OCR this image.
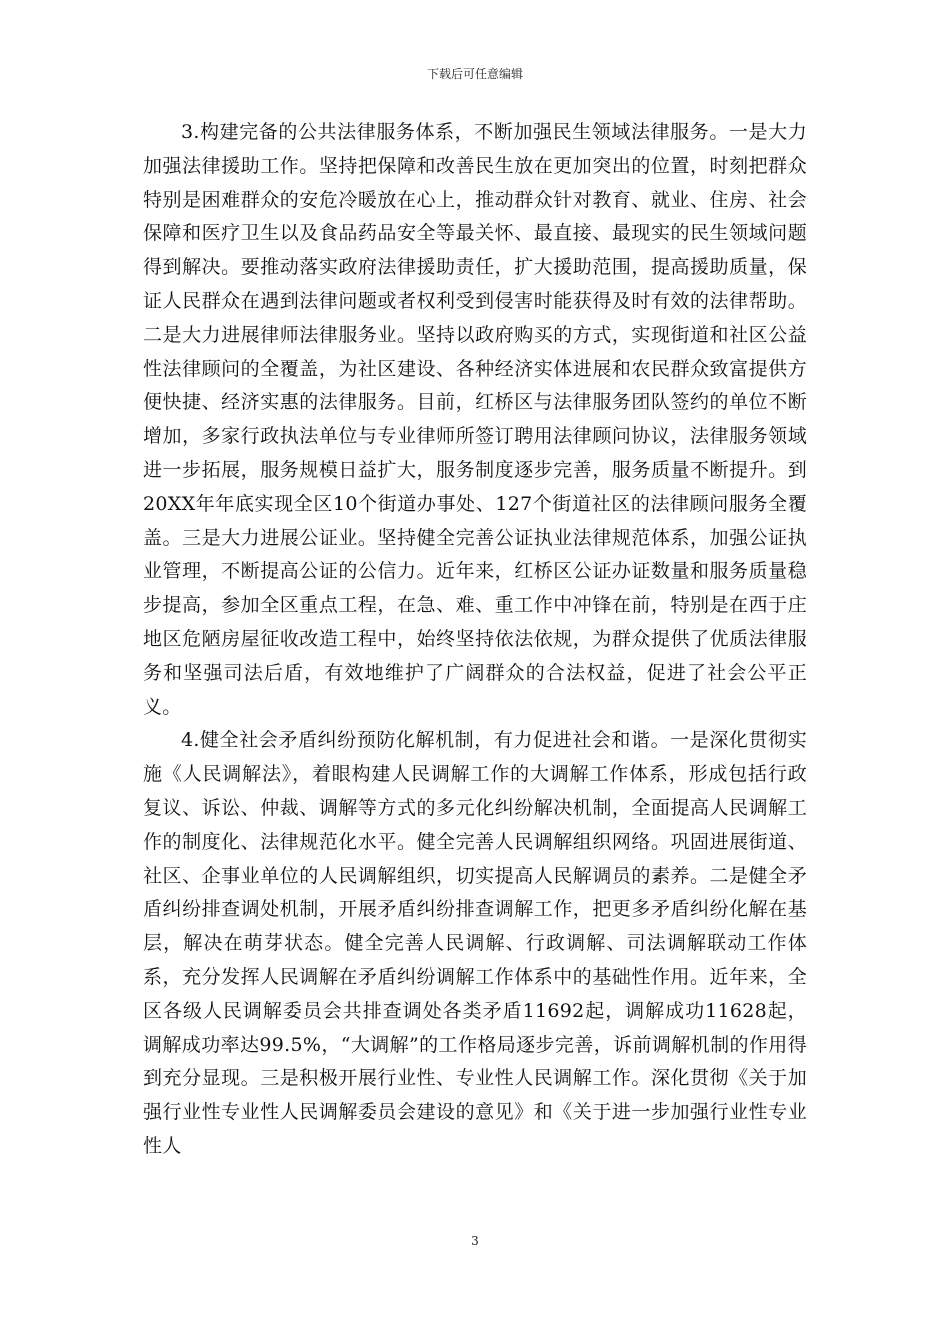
下载后可任意编辑

3.构建完备的公共法律服务体系，不断加强民生领域法律服务。一是大力加强法律援助工作。坚持把保障和改善民生放在更加突出的位置，时刻把群众特别是困难群众的安危冷暖放在心上，推动群众针对教育、就业、住房、社会保障和医疗卫生以及食品药品安全等最关怀、最直接、最现实的民生领域问题得到解决。要推动落实政府法律援助责任，扩大援助范围，提高援助质量，保证人民群众在遇到法律问题或者权利受到侵害时能获得及时有效的法律帮助。二是大力进展律师法律服务业。坚持以政府购买的方式，实现街道和社区公益性法律顾问的全覆盖，为社区建设、各种经济实体进展和农民群众致富提供方便快捷、经济实惠的法律服务。目前，红桥区与法律服务团队签约的单位不断增加，多家行政执法单位与专业律师所签订聘用法律顾问协议，法律服务领域进一步拓展，服务规模日益扩大，服务制度逐步完善，服务质量不断提升。到20XX年年底实现全区10个街道办事处、127个街道社区的法律顾问服务全覆盖。三是大力进展公证业。坚持健全完善公证执业法律规范体系，加强公证执业管理，不断提高公证的公信力。近年来，红桥区公证办证数量和服务质量稳步提高，参加全区重点工程，在急、难、重工作中冲锋在前，特别是在西于庄地区危陋房屋征收改造工程中，始终坚持依法依规，为群众提供了优质法律服务和坚强司法后盾，有效地维护了广阔群众的合法权益，促进了社会公平正义。

4.健全社会矛盾纠纷预防化解机制，有力促进社会和谐。一是深化贯彻实施《人民调解法》，着眼构建人民调解工作的大调解工作体系，形成包括行政复议、诉讼、仲裁、调解等方式的多元化纠纷解决机制，全面提高人民调解工作的制度化、法律规范化水平。健全完善人民调解组织网络。巩固进展街道、社区、企事业单位的人民调解组织，切实提高人民解调员的素养。二是健全矛盾纠纷排查调处机制，开展矛盾纠纷排查调解工作，把更多矛盾纠纷化解在基层，解决在萌芽状态。健全完善人民调解、行政调解、司法调解联动工作体系，充分发挥人民调解在矛盾纠纷调解工作体系中的基础性作用。近年来，全区各级人民调解委员会共排查调处各类矛盾11692起，调解成功11628起，调解成功率达99.5%，“大调解”的工作格局逐步完善，诉前调解机制的作用得到充分显现。三是积极开展行业性、专业性人民调解工作。深化贯彻《关于加强行业性专业性人民调解委员会建设的意见》和《关于进一步加强行业性专业性人

3
